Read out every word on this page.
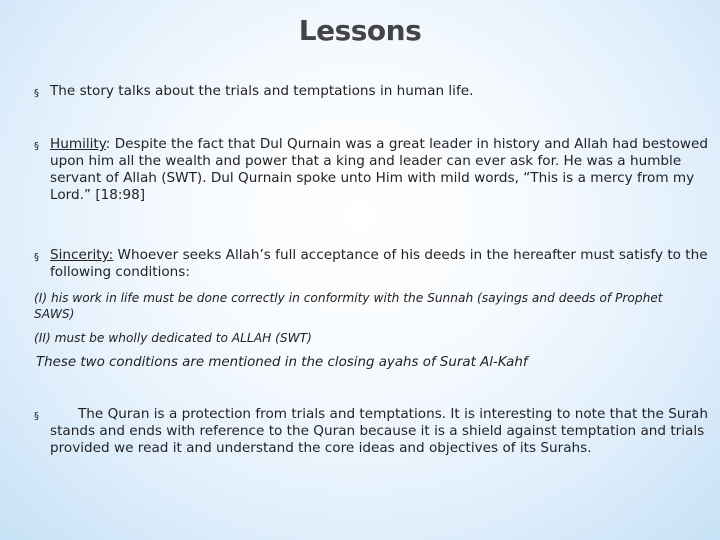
Lessons
§ The story talks about the trials and temptations in human life.
§ Humility: Despite the fact that Dul Qurnain was a great leader in history and Allah had bestowed upon him all the wealth and power that a king and leader can ever ask for. He was a humble servant of Allah (SWT). Dul Qurnain spoke unto Him with mild words, “This is a mercy from my Lord.” [18:98]
§ Sincerity: Whoever seeks Allah’s full acceptance of his deeds in the hereafter must satisfy to the following conditions:
(I) his work in life must be done correctly in conformity with the Sunnah (sayings and deeds of Prophet SAWS)
(II) must be wholly dedicated to ALLAH (SWT)
These two conditions are mentioned in the closing ayahs of Surat Al-Kahf
§	The Quran is a protection from trials and temptations. It is interesting to note that the Surah stands and ends with reference to the Quran because it is a shield against temptation and trials provided we read it and understand the core ideas and objectives of its Surahs.
